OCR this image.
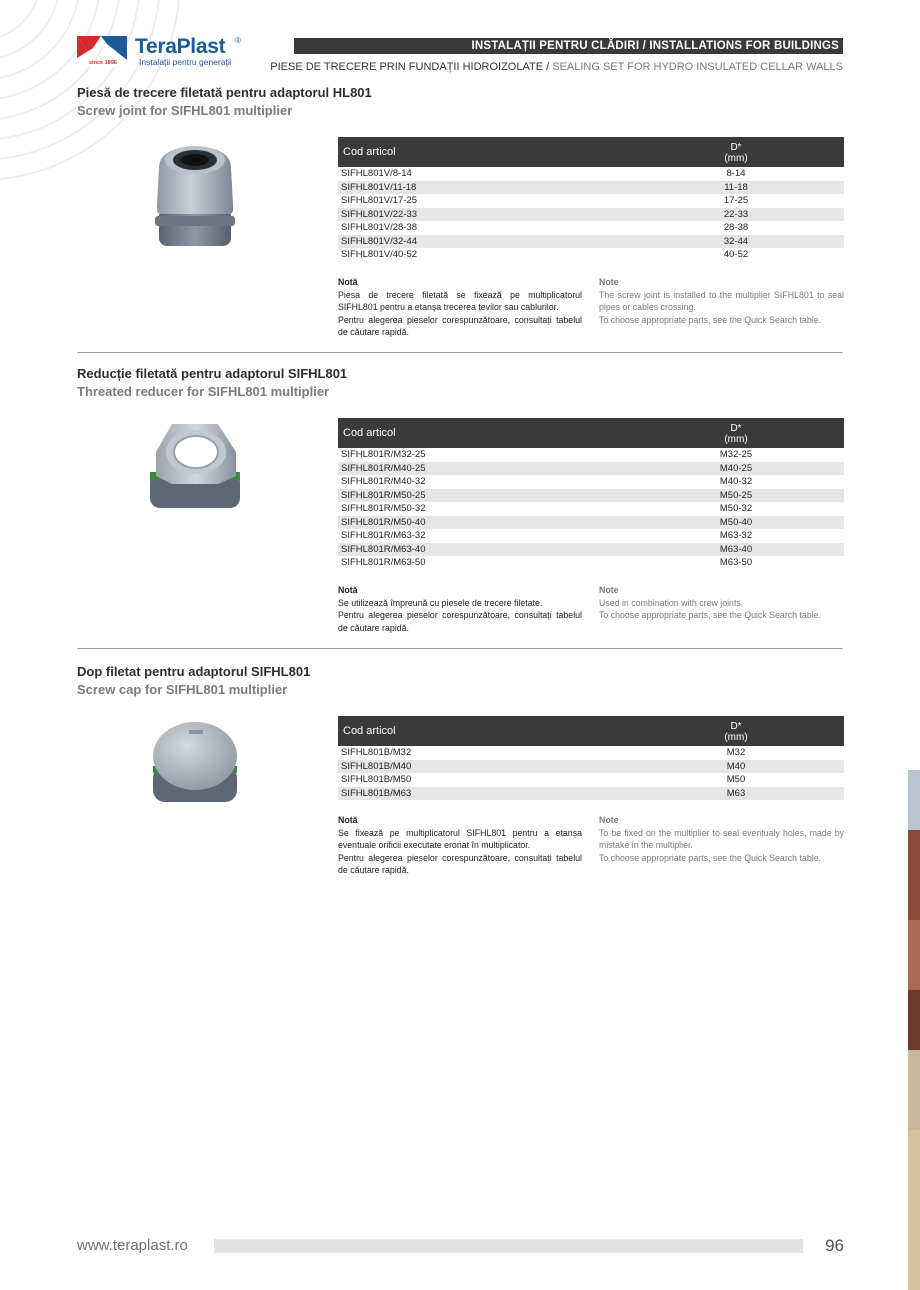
TeraPlast ®
Instalații pentru generații
since 1896
INSTALAȚII PENTRU CLĂDIRI / INSTALLATIONS FOR BUILDINGS
PIESE DE TRECERE PRIN FUNDAȚII HIDROIZOLATE / SEALING SET FOR HYDRO INSULATED CELLAR WALLS
Piesă de trecere filetată pentru adaptorul HL801
Screw joint for SIFHL801 multiplier
Cod articol	D*
(mm)
SIFHL801V/8-14	8-14
SIFHL801V/11-18	11-18
SIFHL801V/17-25	17-25
SIFHL801V/22-33	22-33
SIFHL801V/28-38	28-38
SIFHL801V/32-44	32-44
SIFHL801V/40-52	40-52
Notă
Piesa de trecere filetată se fixează pe multiplicatorul SIFHL801 pentru a etanșa trecerea țevilor sau cablurilor.
Pentru alegerea pieselor corespunzătoare, consultați tabelul de căutare rapidă.
Note
The screw joint is installed to the multiplier SIFHL801 to seal pipes or cables crossing.
To choose appropriate parts, see the Quick Search table.
Reducție filetată pentru adaptorul SIFHL801
Threated reducer for SIFHL801 multiplier
Cod articol	D*
(mm)
SIFHL801R/M32-25	M32-25
SIFHL801R/M40-25	M40-25
SIFHL801R/M40-32	M40-32
SIFHL801R/M50-25	M50-25
SIFHL801R/M50-32	M50-32
SIFHL801R/M50-40	M50-40
SIFHL801R/M63-32	M63-32
SIFHL801R/M63-40	M63-40
SIFHL801R/M63-50	M63-50
Notă
Se utilizează împreună cu piesele de trecere filetate.
Pentru alegerea pieselor corespunzătoare, consultați tabelul de căutare rapidă.
Note
Used in combination with crew joints.
To choose appropriate parts, see the Quick Search table.
Dop filetat pentru adaptorul SIFHL801
Screw cap for SIFHL801 multiplier
Cod articol	D*
(mm)
SIFHL801B/M32	M32
SIFHL801B/M40	M40
SIFHL801B/M50	M50
SIFHL801B/M63	M63
Notă
Se fixează pe multiplicatorul SIFHL801 pentru a etanșa eventuale orificii executate eronat în multiplicator.
Pentru alegerea pieselor corespunzătoare, consultați tabelul de căutare rapidă.
Note
To be fixed on the multiplier to seal eventualy holes, made by mistake in the multiplier.
To choose appropriate parts, see the Quick Search table.
www.teraplast.ro	96
